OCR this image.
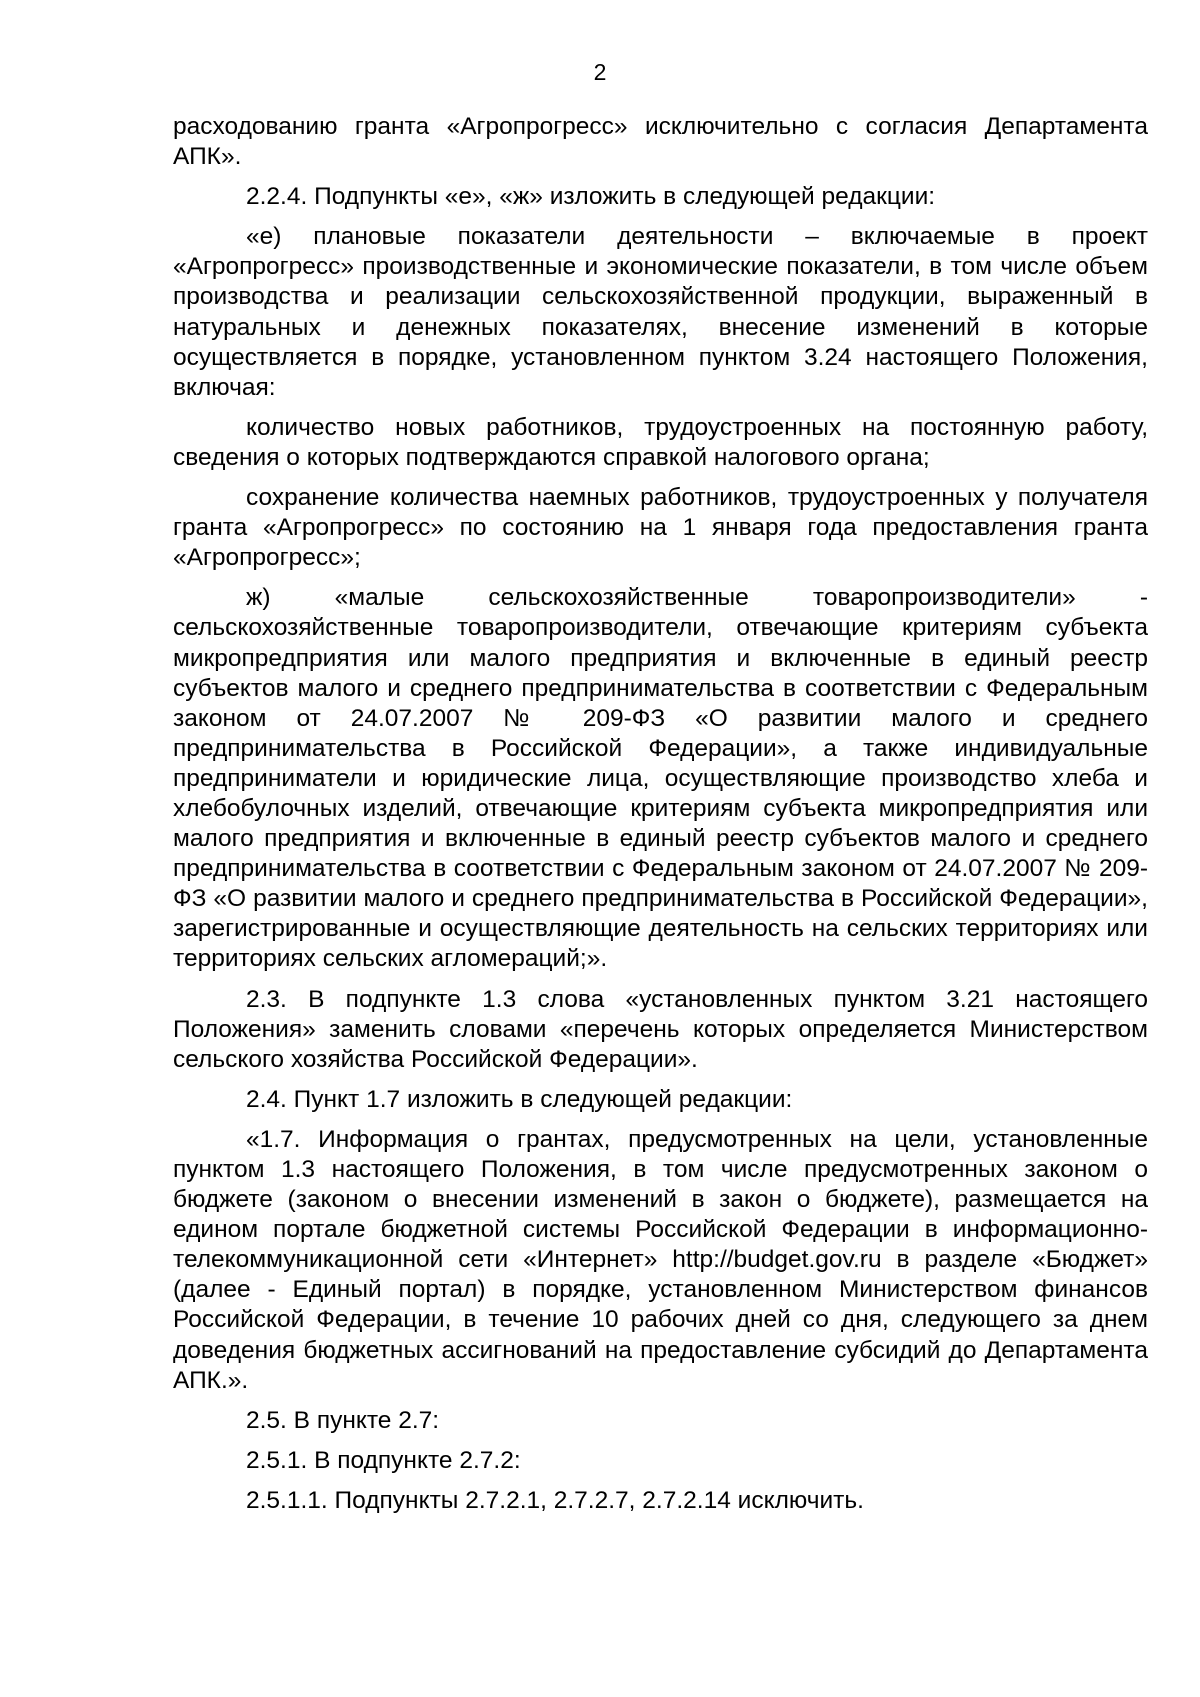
2

расходованию гранта «Агропрогресс» исключительно с согласия Департамента АПК».

2.2.4. Подпункты «е», «ж» изложить в следующей редакции:

«е) плановые показатели деятельности – включаемые в проект «Агропрогресс» производственные и экономические показатели, в том числе объем производства и реализации сельскохозяйственной продукции, выраженный в натуральных и денежных показателях, внесение изменений в которые осуществляется в порядке, установленном пунктом 3.24 настоящего Положения, включая:

количество новых работников, трудоустроенных на постоянную работу, сведения о которых подтверждаются справкой налогового органа;

сохранение количества наемных работников, трудоустроенных у получателя гранта «Агропрогресс» по состоянию на 1 января года предоставления гранта «Агропрогресс»;

ж) «малые сельскохозяйственные товаропроизводители» - сельскохозяйственные товаропроизводители, отвечающие критериям субъекта микропредприятия или малого предприятия и включенные в единый реестр субъектов малого и среднего предпринимательства в соответствии с Федеральным законом от 24.07.2007 № 209-ФЗ «О развитии малого и среднего предпринимательства в Российской Федерации», а также индивидуальные предприниматели и юридические лица, осуществляющие производство хлеба и хлебобулочных изделий, отвечающие критериям субъекта микропредприятия или малого предприятия и включенные в единый реестр субъектов малого и среднего предпринимательства в соответствии с Федеральным законом от 24.07.2007 № 209-ФЗ «О развитии малого и среднего предпринимательства в Российской Федерации», зарегистрированные и осуществляющие деятельность на сельских территориях или территориях сельских агломераций;».

2.3. В подпункте 1.3 слова «установленных пунктом 3.21 настоящего Положения» заменить словами «перечень которых определяется Министерством сельского хозяйства Российской Федерации».

2.4. Пункт 1.7 изложить в следующей редакции:

«1.7. Информация о грантах, предусмотренных на цели, установленные пунктом 1.3 настоящего Положения, в том числе предусмотренных законом о бюджете (законом о внесении изменений в закон о бюджете), размещается на едином портале бюджетной системы Российской Федерации в информационно-телекоммуникационной сети «Интернет» http://budget.gov.ru в разделе «Бюджет» (далее - Единый портал) в порядке, установленном Министерством финансов Российской Федерации, в течение 10 рабочих дней со дня, следующего за днем доведения бюджетных ассигнований на предоставление субсидий до Департамента АПК.».

2.5. В пункте 2.7:

2.5.1. В подпункте 2.7.2:

2.5.1.1. Подпункты 2.7.2.1, 2.7.2.7, 2.7.2.14 исключить.
